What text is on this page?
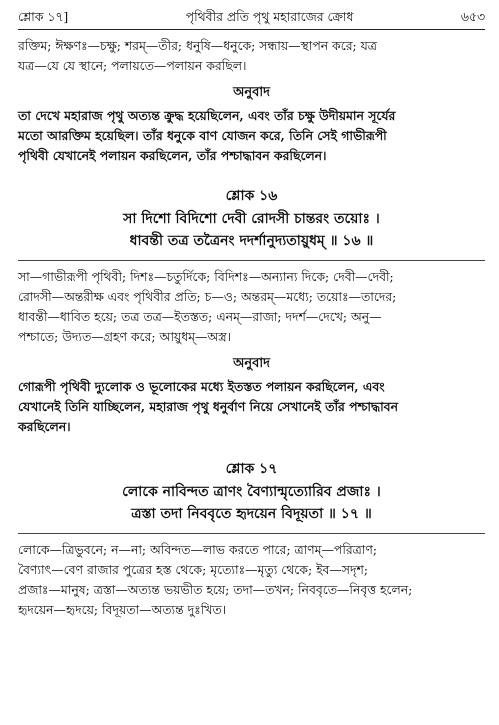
শ্লোক ১৭]	পৃথিবীর প্রতি পৃথু মহারাজের ক্রোধ	৬৫৩

রক্তিম; ঈক্ষণঃ—চক্ষু; শরম্—তীর; ধনুষি—ধনুকে; সন্ধায়—স্থাপন করে; যত্র

যত্র—যে যে স্থানে; পলায়তে—পলায়ন করছিল।

অনুবাদ

তা দেখে মহারাজ পৃথু অত্যন্ত ক্রুদ্ধ হয়েছিলেন, এবং তাঁর চক্ষু উদীয়মান সূর্যের

মতো আরক্তিম হয়েছিল। তাঁর ধনুকে বাণ যোজন করে, তিনি সেই গাভীরূপী

পৃথিবী যেখানেই পলায়ন করছিলেন, তাঁর পশ্চাদ্ধাবন করছিলেন।

শ্লোক ১৬

সা দিশো বিদিশো দেবী রোদসী চান্তরং তয়োঃ ।

ধাবন্তী তত্র তত্রৈনং দদর্শানুদ্যতায়ুধম্ ॥ ১৬ ॥

সা—গাভীরূপী পৃথিবী; দিশঃ—চতুর্দিকে; বিদিশঃ—অন্যান্য দিকে; দেবী—দেবী;

রোদসী—অন্তরীক্ষ এবং পৃথিবীর প্রতি; চ—ও; অন্তরম্—মধ্যে; তয়োঃ—তাদের;

ধাবন্তী—ধাবিত হয়ে; তত্র তত্র—ইতস্তত; এনম্—রাজা; দদর্শ—দেখে; অনু—

পশ্চাতে; উদ্যত—গ্রহণ করে; আয়ুধম্—অস্ত্র।

অনুবাদ

গোরূপী পৃথিবী দ্যুলোক ও ভূলোকের মধ্যে ইতস্তত পলায়ন করছিলেন, এবং

যেখানেই তিনি যাচ্ছিলেন, মহারাজ পৃথু ধনুর্বাণ নিয়ে সেখানেই তাঁর পশ্চাদ্ধাবন

করছিলেন।

শ্লোক ১৭

লোকে নাবিন্দত ত্রাণং বৈণ্যান্মৃত্যোরিব প্রজাঃ ।

ত্রস্তা তদা নিববৃতে হৃদয়েন বিদূয়তা ॥ ১৭ ॥

লোকে—ত্রিভুবনে; ন—না; অবিন্দত—লাভ করতে পারে; ত্রাণম্—পরিত্রাণ;

বৈণ্যাৎ—বেণ রাজার পুত্রের হস্ত থেকে; মৃত্যোঃ—মৃত্যু থেকে; ইব—সদৃশ;

প্রজাঃ—মানুষ; ত্রস্তা—অত্যন্ত ভয়ভীত হয়ে; তদা—তখন; নিববৃতে—নিবৃত্ত হলেন;

হৃদয়েন—হৃদয়ে; বিদূয়তা—অত্যন্ত দুঃখিত।
